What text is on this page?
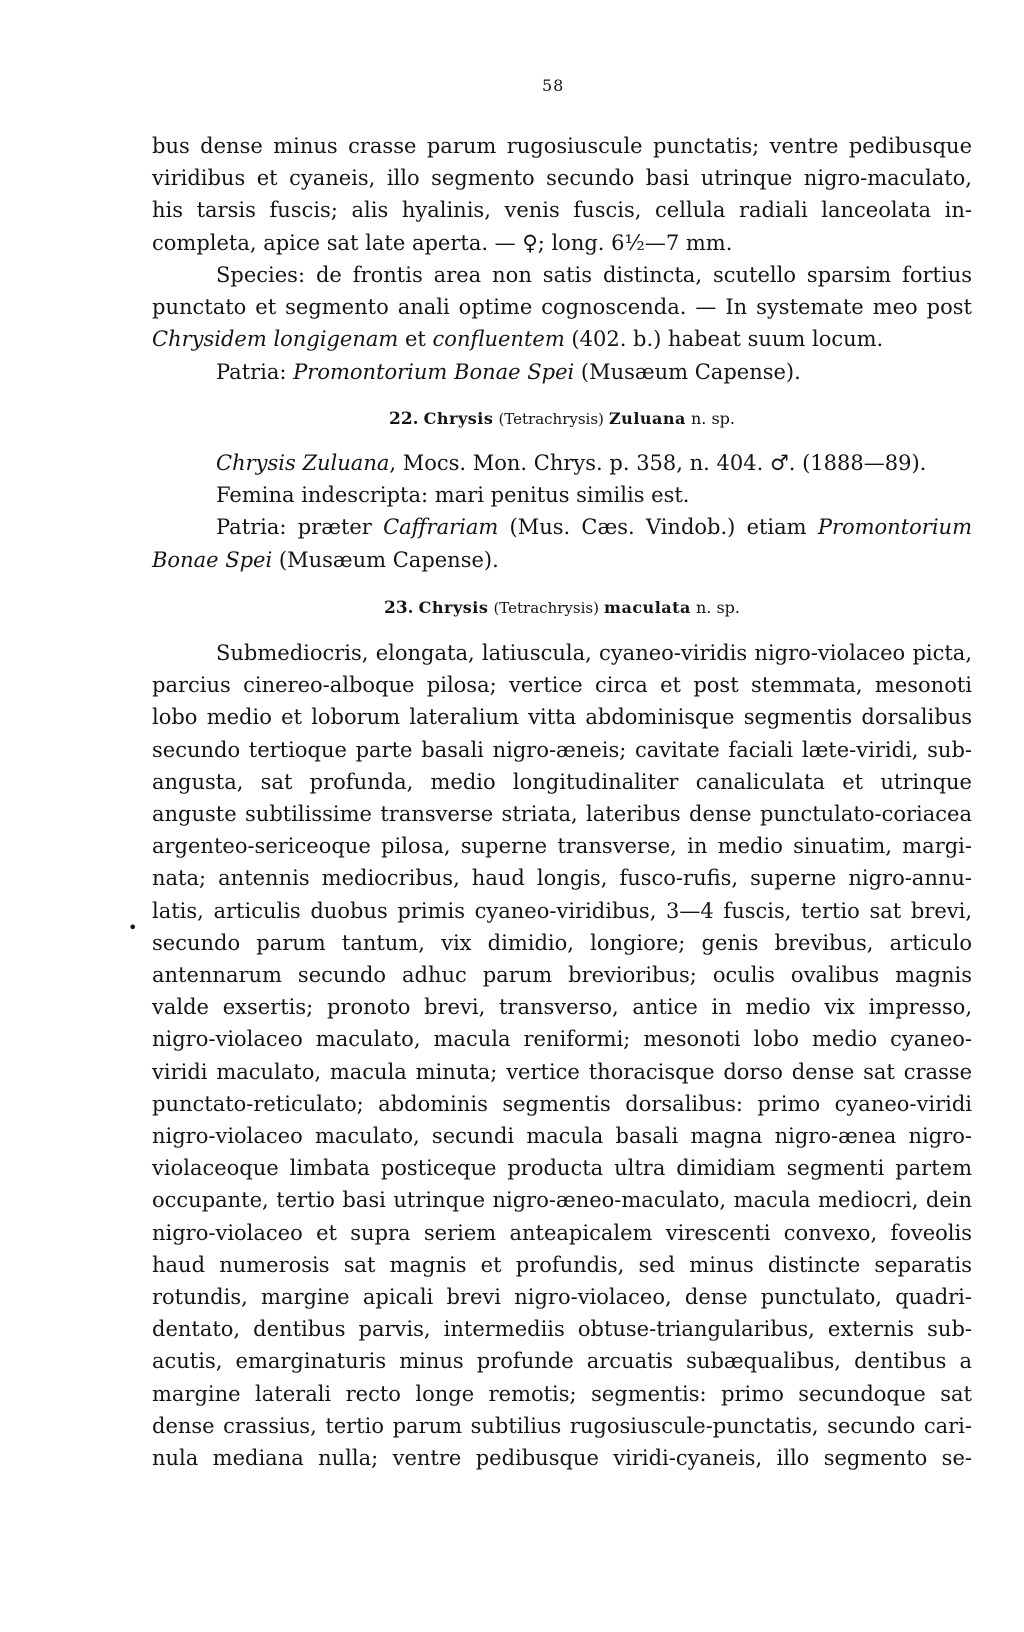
58
bus dense minus crasse parum rugosiuscule punctatis; ventre pedibusque
viridibus et cyaneis, illo segmento secundo basi utrinque nigro-maculato,
his tarsis fuscis; alis hyalinis, venis fuscis, cellula radiali lanceolata in-
completa, apice sat late aperta. — ♀; long. 6½—7 mm.
Species: de frontis area non satis distincta, scutello sparsim fortius
punctato et segmento anali optime cognoscenda. — In systemate meo post
Chrysidem longigenam et confluentem (402. b.) habeat suum locum.
Patria: Promontorium Bonae Spei (Musæum Capense).
22. Chrysis (Tetrachrysis) Zuluana n. sp.
Chrysis Zuluana, Mocs. Mon. Chrys. p. 358, n. 404. ♂. (1888—89).
Femina indescripta: mari penitus similis est.
Patria: præter Caffrariam (Mus. Cæs. Vindob.) etiam Promontorium
Bonae Spei (Musæum Capense).
23. Chrysis (Tetrachrysis) maculata n. sp.
Submediocris, elongata, latiuscula, cyaneo-viridis nigro-violaceo picta,
parcius cinereo-alboque pilosa; vertice circa et post stemmata, mesonoti
lobo medio et loborum lateralium vitta abdominisque segmentis dorsalibus
secundo tertioque parte basali nigro-æneis; cavitate faciali læte-viridi, sub-
angusta, sat profunda, medio longitudinaliter canaliculata et utrinque
anguste subtilissime transverse striata, lateribus dense punctulato-coriacea
argenteo-sericeoque pilosa, superne transverse, in medio sinuatim, margi-
nata; antennis mediocribus, haud longis, fusco-rufis, superne nigro-annu-
latis, articulis duobus primis cyaneo-viridibus, 3—4 fuscis, tertio sat brevi,
secundo parum tantum, vix dimidio, longiore; genis brevibus, articulo
antennarum secundo adhuc parum brevioribus; oculis ovalibus magnis
valde exsertis; pronoto brevi, transverso, antice in medio vix impresso,
nigro-violaceo maculato, macula reniformi; mesonoti lobo medio cyaneo-
viridi maculato, macula minuta; vertice thoracisque dorso dense sat crasse
punctato-reticulato; abdominis segmentis dorsalibus: primo cyaneo-viridi
nigro-violaceo maculato, secundi macula basali magna nigro-ænea nigro-
violaceoque limbata posticeque producta ultra dimidiam segmenti partem
occupante, tertio basi utrinque nigro-æneo-maculato, macula mediocri, dein
nigro-violaceo et supra seriem anteapicalem virescenti convexo, foveolis
haud numerosis sat magnis et profundis, sed minus distincte separatis
rotundis, margine apicali brevi nigro-violaceo, dense punctulato, quadri-
dentato, dentibus parvis, intermediis obtuse-triangularibus, externis sub-
acutis, emarginaturis minus profunde arcuatis subæqualibus, dentibus a
margine laterali recto longe remotis; segmentis: primo secundoque sat
dense crassius, tertio parum subtilius rugosiuscule-punctatis, secundo cari-
nula mediana nulla; ventre pedibusque viridi-cyaneis, illo segmento se-
•
